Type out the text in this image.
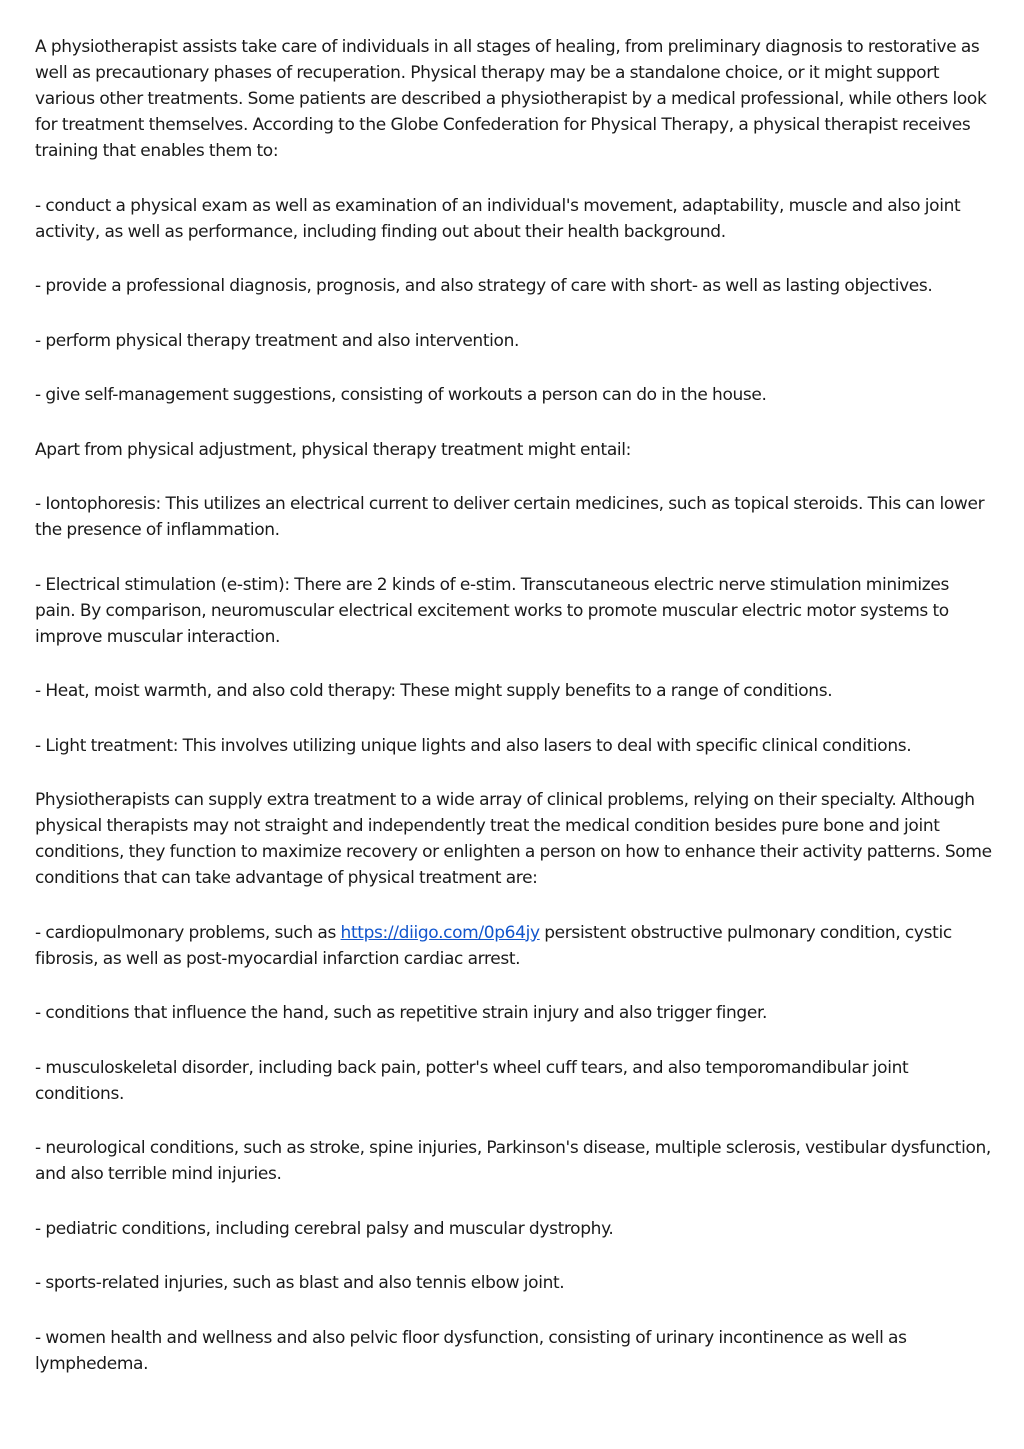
A physiotherapist assists take care of individuals in all stages of healing, from preliminary diagnosis to restorative as well as precautionary phases of recuperation. Physical therapy may be a standalone choice, or it might support various other treatments. Some patients are described a physiotherapist by a medical professional, while others look for treatment themselves. According to the Globe Confederation for Physical Therapy, a physical therapist receives training that enables them to:

- conduct a physical exam as well as examination of an individual's movement, adaptability, muscle and also joint activity, as well as performance, including finding out about their health background.

- provide a professional diagnosis, prognosis, and also strategy of care with short- as well as lasting objectives.

- perform physical therapy treatment and also intervention.

- give self-management suggestions, consisting of workouts a person can do in the house.

Apart from physical adjustment, physical therapy treatment might entail:

- Iontophoresis: This utilizes an electrical current to deliver certain medicines, such as topical steroids. This can lower the presence of inflammation.

- Electrical stimulation (e-stim): There are 2 kinds of e-stim. Transcutaneous electric nerve stimulation minimizes pain. By comparison, neuromuscular electrical excitement works to promote muscular electric motor systems to improve muscular interaction.

- Heat, moist warmth, and also cold therapy: These might supply benefits to a range of conditions.

- Light treatment: This involves utilizing unique lights and also lasers to deal with specific clinical conditions.

Physiotherapists can supply extra treatment to a wide array of clinical problems, relying on their specialty. Although physical therapists may not straight and independently treat the medical condition besides pure bone and joint conditions, they function to maximize recovery or enlighten a person on how to enhance their activity patterns. Some conditions that can take advantage of physical treatment are:

- cardiopulmonary problems, such as https://diigo.com/0p64jy persistent obstructive pulmonary condition, cystic fibrosis, as well as post-myocardial infarction cardiac arrest.

- conditions that influence the hand, such as repetitive strain injury and also trigger finger.

- musculoskeletal disorder, including back pain, potter's wheel cuff tears, and also temporomandibular joint conditions.

- neurological conditions, such as stroke, spine injuries, Parkinson's disease, multiple sclerosis, vestibular dysfunction, and also terrible mind injuries.

- pediatric conditions, including cerebral palsy and muscular dystrophy.

- sports-related injuries, such as blast and also tennis elbow joint.

- women health and wellness and also pelvic floor dysfunction, consisting of urinary incontinence as well as lymphedema.
